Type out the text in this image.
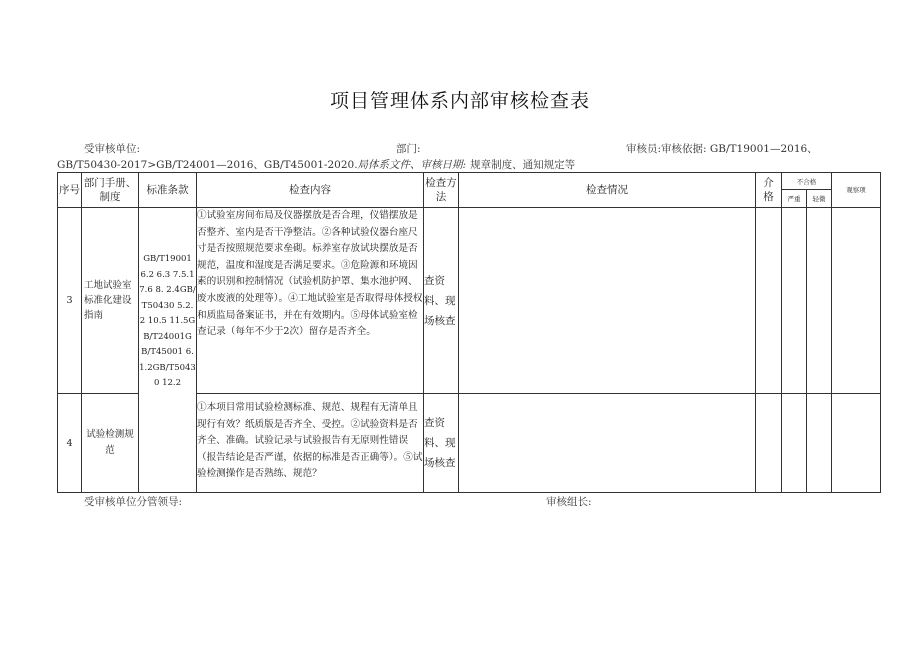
项目管理体系内部审核检查表
受审核单位:	部门:	审核员:审核依据: GB/T19001—2016、
GB/T50430-2017>GB/T24001—2016、GB/T45001-2020.局体系文件、审核日期: 规章制度、通知规定等
序号	部门手册、制度	标准条款	检查内容	检查方法	检查情况	介格	不合格		观察项
							严重	轻微	
3	工地试验室标准化建设指南	GB/T19001 6.2 6.3 7.5.1 7.6 8. 2.4GB/T50430 5.2.2 10.5 11.5GB/T24001GB/T45001 6. 1.2GB/T50430 12.2	①试验室房间布局及仪器摆放是否合理，仪错摆放是否整齐、室内是否干净整洁。②各种试验仪器台座尺寸是否按照规范要求垒砌。标养室存放试块摆放是否规范，温度和湿度是否满足要求。③危险源和环境因素的识别和控制情况（试验机防护罩、集水池护网、废水废液的处理等）。④工地试验室是否取得母体授权和质监局备案证书，并在有效期内。⑤母体试验室检查记录（每年不少于2次）留存是否齐全。	查资料、现场核查					
4	试验检测规范		①本项目常用试验检测标准、规范、规程有无清单且现行有效？纸质版是否齐全、受控。②试验资料是否齐全、准确。试验记录与试验报告有无原则性错误（报告结论是否严谨，依据的标准是否正确等）。⑤试验检测操作是否熟练、规范？	查资料、现场核查					
受审核单位分管领导:	审核组长:
